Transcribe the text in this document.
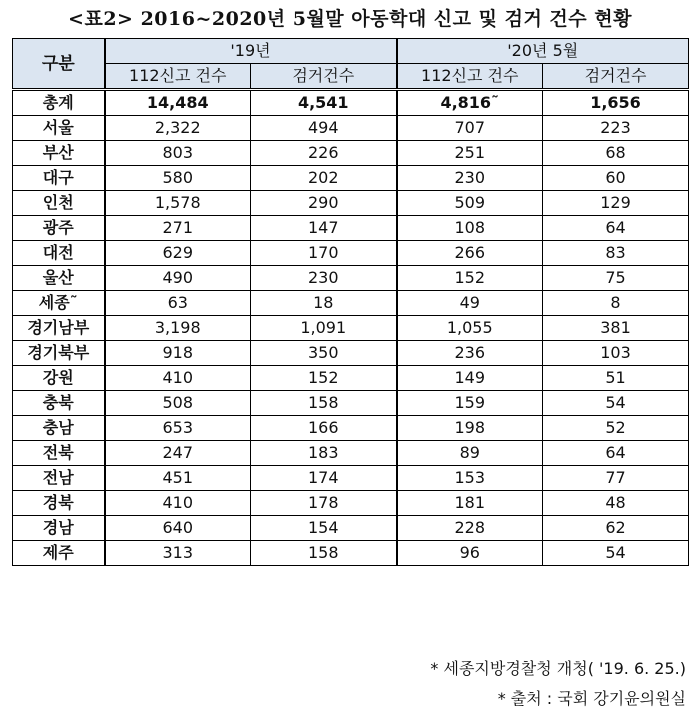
<표2> 2016~2020년 5월말 아동학대 신고 및 검거 건수 현황
구분	'19년		'20년 5월	
	112신고 건수	검거건수	112신고 건수	검거건수
총계	14,484	4,541	4,816˜	1,656
서울	2,322	494	707	223
부산	803	226	251	68
대구	580	202	230	60
인천	1,578	290	509	129
광주	271	147	108	64
대전	629	170	266	83
울산	490	230	152	75
세종˜	63	18	49	8
경기남부	3,198	1,091	1,055	381
경기북부	918	350	236	103
강원	410	152	149	51
충북	508	158	159	54
충남	653	166	198	52
전북	247	183	89	64
전남	451	174	153	77
경북	410	178	181	48
경남	640	154	228	62
제주	313	158	96	54
* 세종지방경찰청 개청( '19. 6. 25.)
* 출처 : 국회 강기윤의원실
